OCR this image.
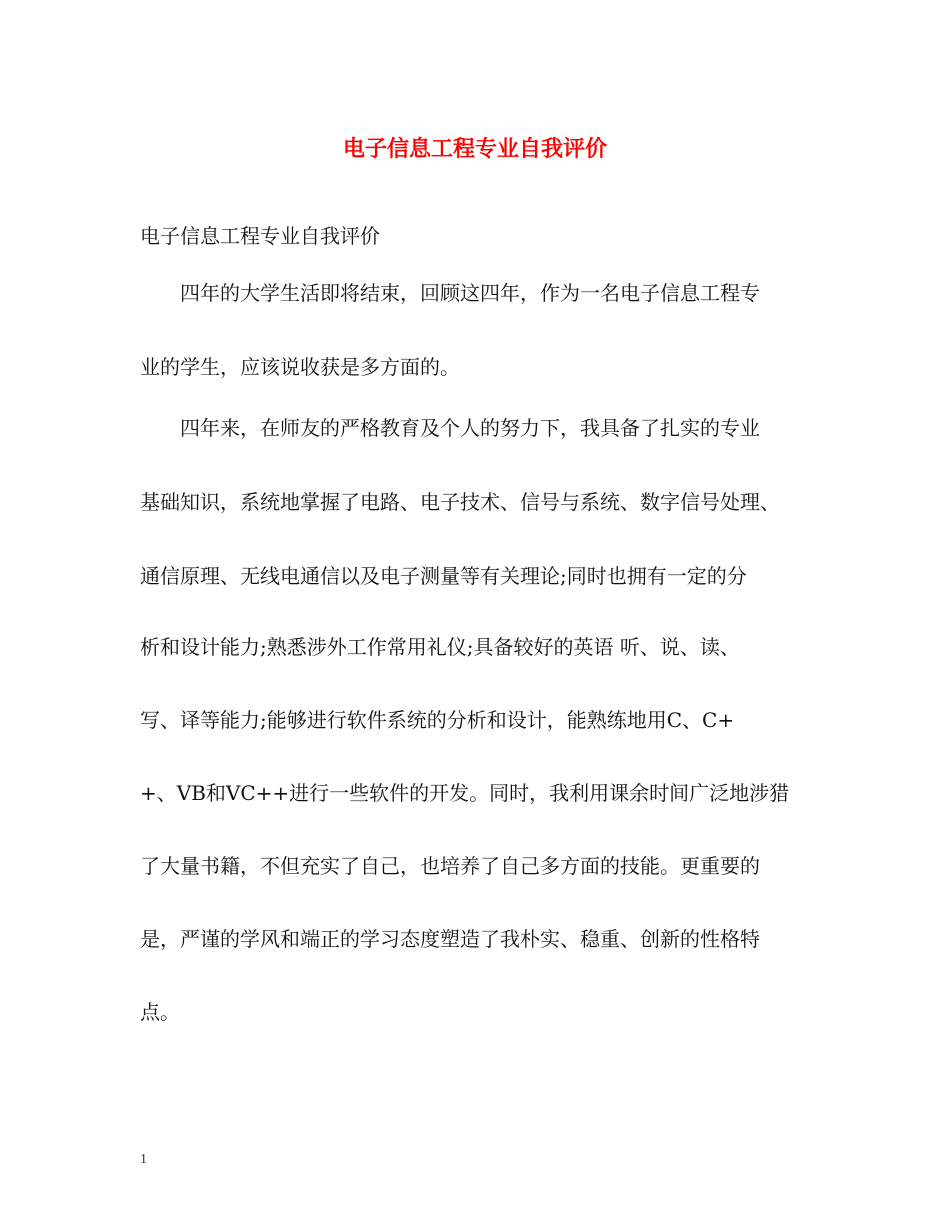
电子信息工程专业自我评价
电子信息工程专业自我评价
　　四年的大学生活即将结束，回顾这四年，作为一名电子信息工程专
业的学生，应该说收获是多方面的。
　　四年来，在师友的严格教育及个人的努力下，我具备了扎实的专业
基础知识，系统地掌握了电路、电子技术、信号与系统、数字信号处理、
通信原理、无线电通信以及电子测量等有关理论;同时也拥有一定的分
析和设计能力;熟悉涉外工作常用礼仪;具备较好的英语 听、说、读、
写、译等能力;能够进行软件系统的分析和设计，能熟练地用C、C+
+、VB和VC++进行一些软件的开发。同时，我利用课余时间广泛地涉猎
了大量书籍，不但充实了自己，也培养了自己多方面的技能。更重要的
是，严谨的学风和端正的学习态度塑造了我朴实、稳重、创新的性格特
点。
1
